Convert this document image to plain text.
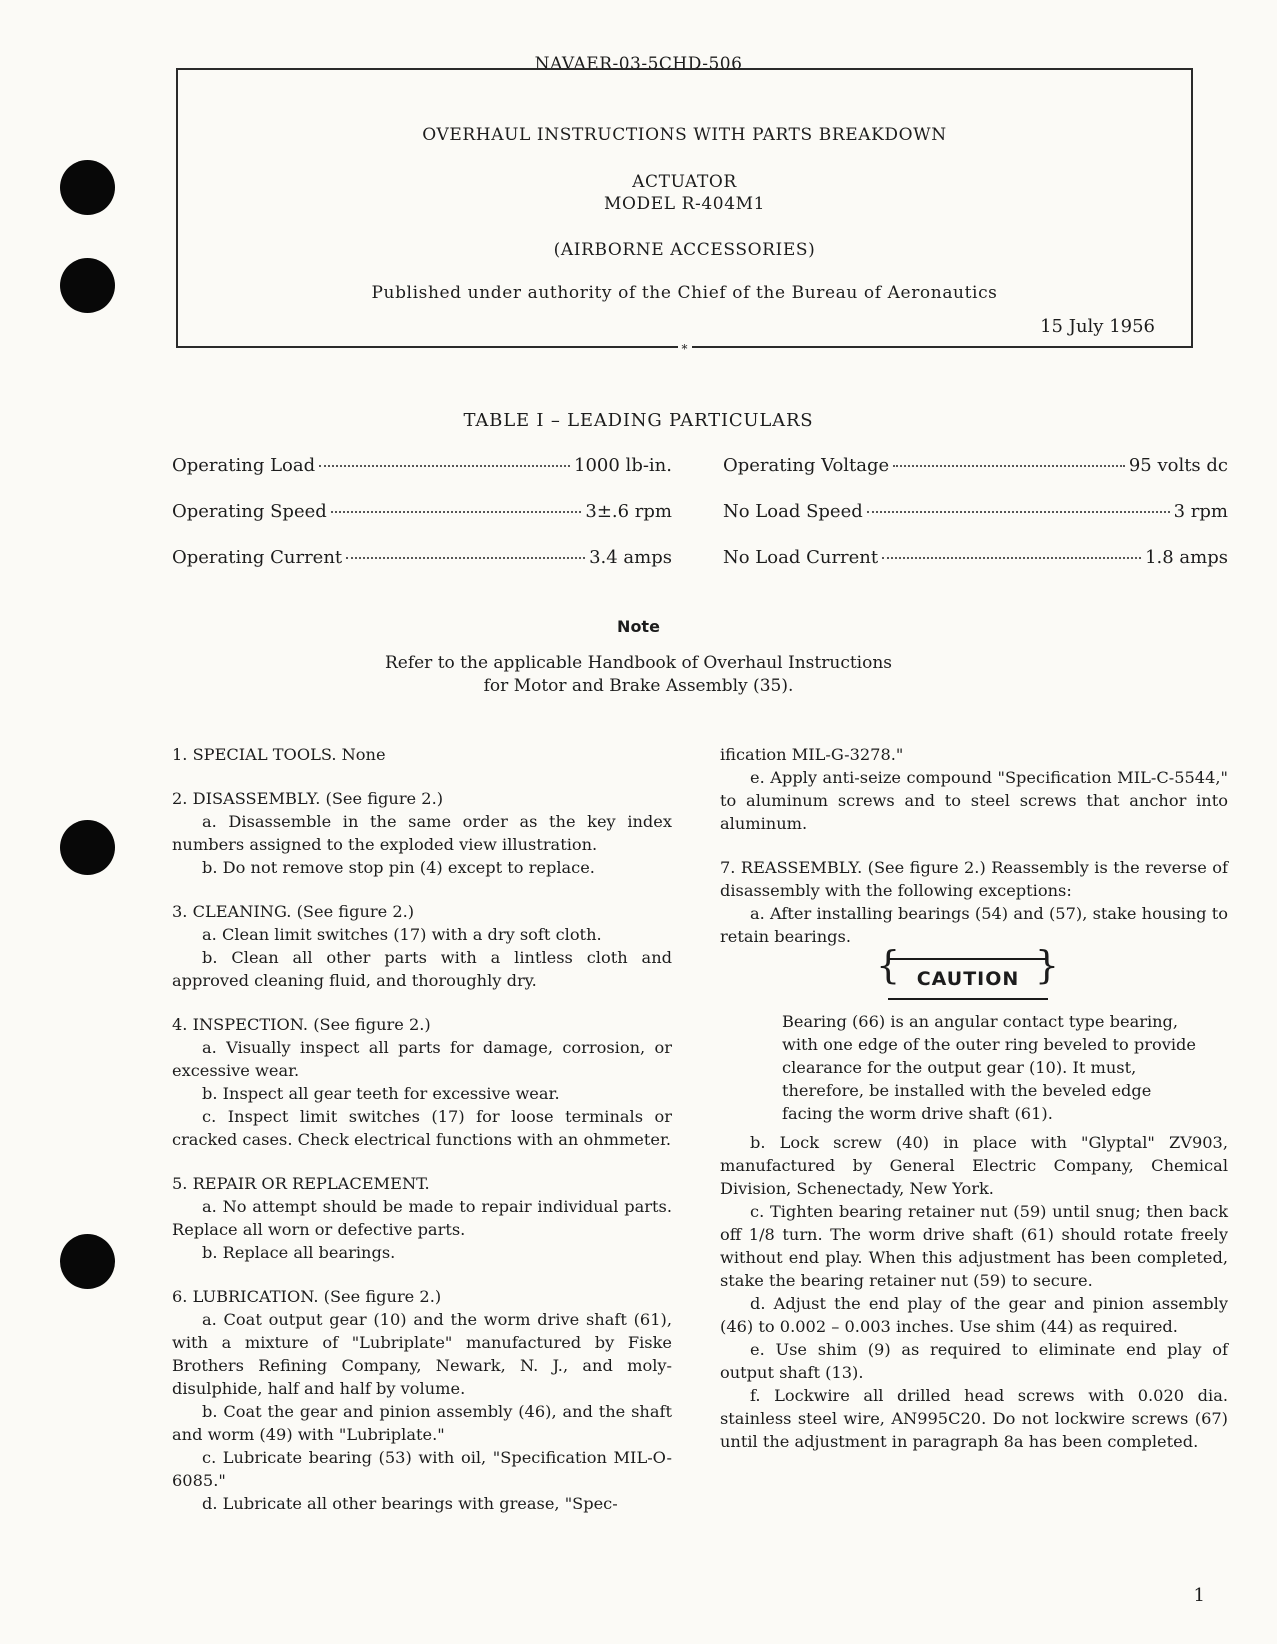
NAVAER-03-5CHD-506
OVERHAUL INSTRUCTIONS WITH PARTS BREAKDOWN
ACTUATOR
MODEL R-404M1
(AIRBORNE ACCESSORIES)
Published under authority of the Chief of the Bureau of Aeronautics
15 July 1956
*
TABLE I – LEADING PARTICULARS
Operating Load	1000 lb-in.
Operating Speed	3±.6 rpm
Operating Current	3.4 amps
Operating Voltage	95 volts dc
No Load Speed	3 rpm
No Load Current	1.8 amps
Note
Refer to the applicable Handbook of Overhaul Instructions
for Motor and Brake Assembly (35).

1. SPECIAL TOOLS. None

2. DISASSEMBLY. (See figure 2.)

a. Disassemble in the same order as the key index numbers assigned to the exploded view illustration.

b. Do not remove stop pin (4) except to replace.

3. CLEANING. (See figure 2.)

a. Clean limit switches (17) with a dry soft cloth.

b. Clean all other parts with a lintless cloth and approved cleaning fluid, and thoroughly dry.

4. INSPECTION. (See figure 2.)

a. Visually inspect all parts for damage, corrosion, or excessive wear.

b. Inspect all gear teeth for excessive wear.

c. Inspect limit switches (17) for loose terminals or cracked cases. Check electrical functions with an ohmmeter.

5. REPAIR OR REPLACEMENT.

a. No attempt should be made to repair individual parts. Replace all worn or defective parts.

b. Replace all bearings.

6. LUBRICATION. (See figure 2.)

a. Coat output gear (10) and the worm drive shaft (61), with a mixture of "Lubriplate" manufactured by Fiske Brothers Refining Company, Newark, N. J., and moly-disulphide, half and half by volume.

b. Coat the gear and pinion assembly (46), and the shaft and worm (49) with "Lubriplate."

c. Lubricate bearing (53) with oil, "Specification MIL-O-6085."

d. Lubricate all other bearings with grease, "Spec-

ification MIL-G-3278."

e. Apply anti-seize compound "Specification MIL-C-5544," to aluminum screws and to steel screws that anchor into aluminum.

7. REASSEMBLY. (See figure 2.) Reassembly is the reverse of disassembly with the following exceptions:

a. After installing bearings (54) and (57), stake housing to retain bearings.

{ CAUTION }

Bearing (66) is an angular contact type bearing, with one edge of the outer ring beveled to provide clearance for the output gear (10). It must, therefore, be installed with the beveled edge facing the worm drive shaft (61).

b. Lock screw (40) in place with "Glyptal" ZV903, manufactured by General Electric Company, Chemical Division, Schenectady, New York.

c. Tighten bearing retainer nut (59) until snug; then back off 1/8 turn. The worm drive shaft (61) should rotate freely without end play. When this adjustment has been completed, stake the bearing retainer nut (59) to secure.

d. Adjust the end play of the gear and pinion assembly (46) to 0.002 – 0.003 inches. Use shim (44) as required.

e. Use shim (9) as required to eliminate end play of output shaft (13).

f. Lockwire all drilled head screws with 0.020 dia. stainless steel wire, AN995C20. Do not lockwire screws (67) until the adjustment in paragraph 8a has been completed.

1
